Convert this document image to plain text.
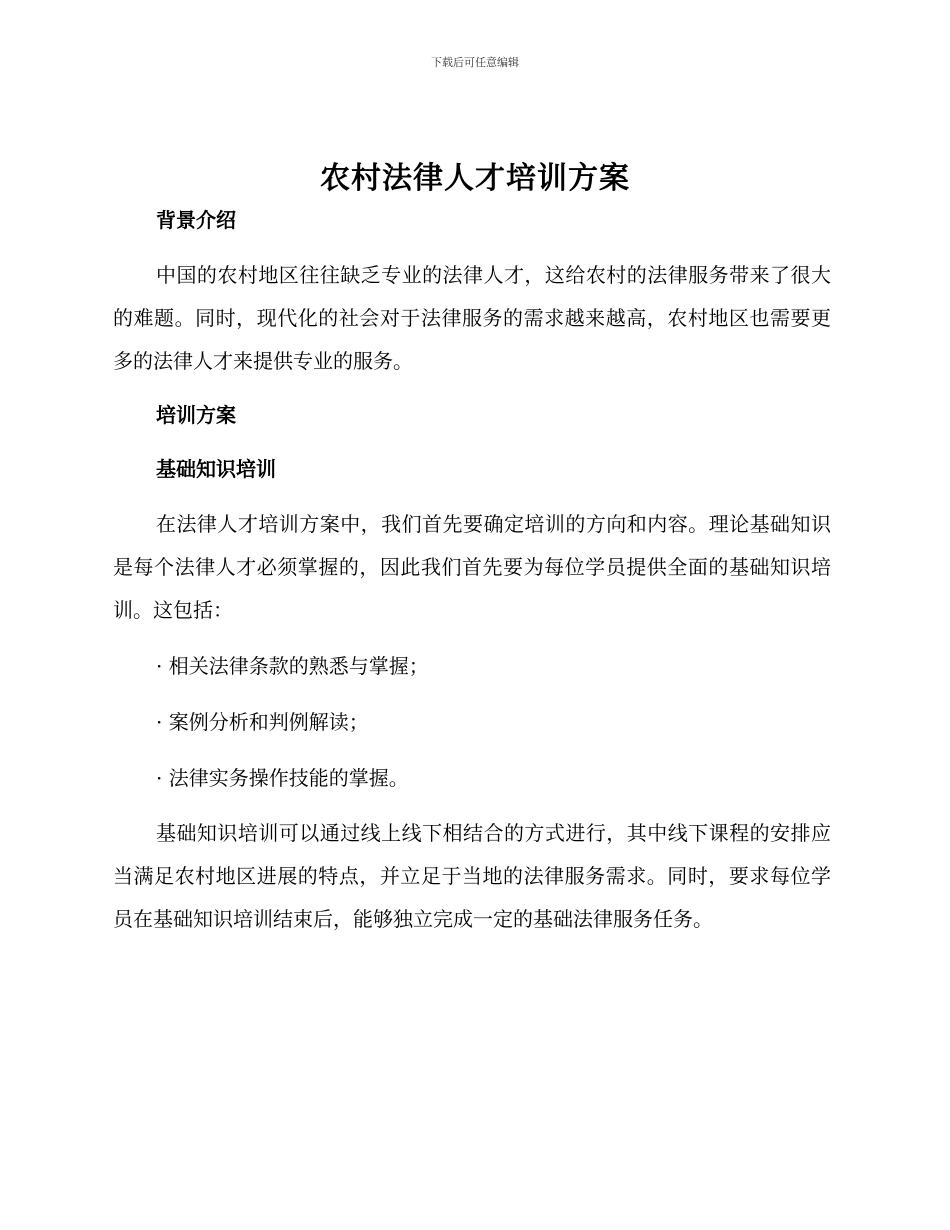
下载后可任意编辑
农村法律人才培训方案
背景介绍

中国的农村地区往往缺乏专业的法律人才，这给农村的法律服务带来了很大的难题。同时，现代化的社会对于法律服务的需求越来越高，农村地区也需要更多的法律人才来提供专业的服务。

培训方案
基础知识培训

在法律人才培训方案中，我们首先要确定培训的方向和内容。理论基础知识是每个法律人才必须掌握的，因此我们首先要为每位学员提供全面的基础知识培训。这包括：

· 相关法律条款的熟悉与掌握；
· 案例分析和判例解读；
· 法律实务操作技能的掌握。

基础知识培训可以通过线上线下相结合的方式进行，其中线下课程的安排应当满足农村地区进展的特点，并立足于当地的法律服务需求。同时，要求每位学员在基础知识培训结束后，能够独立完成一定的基础法律服务任务。
